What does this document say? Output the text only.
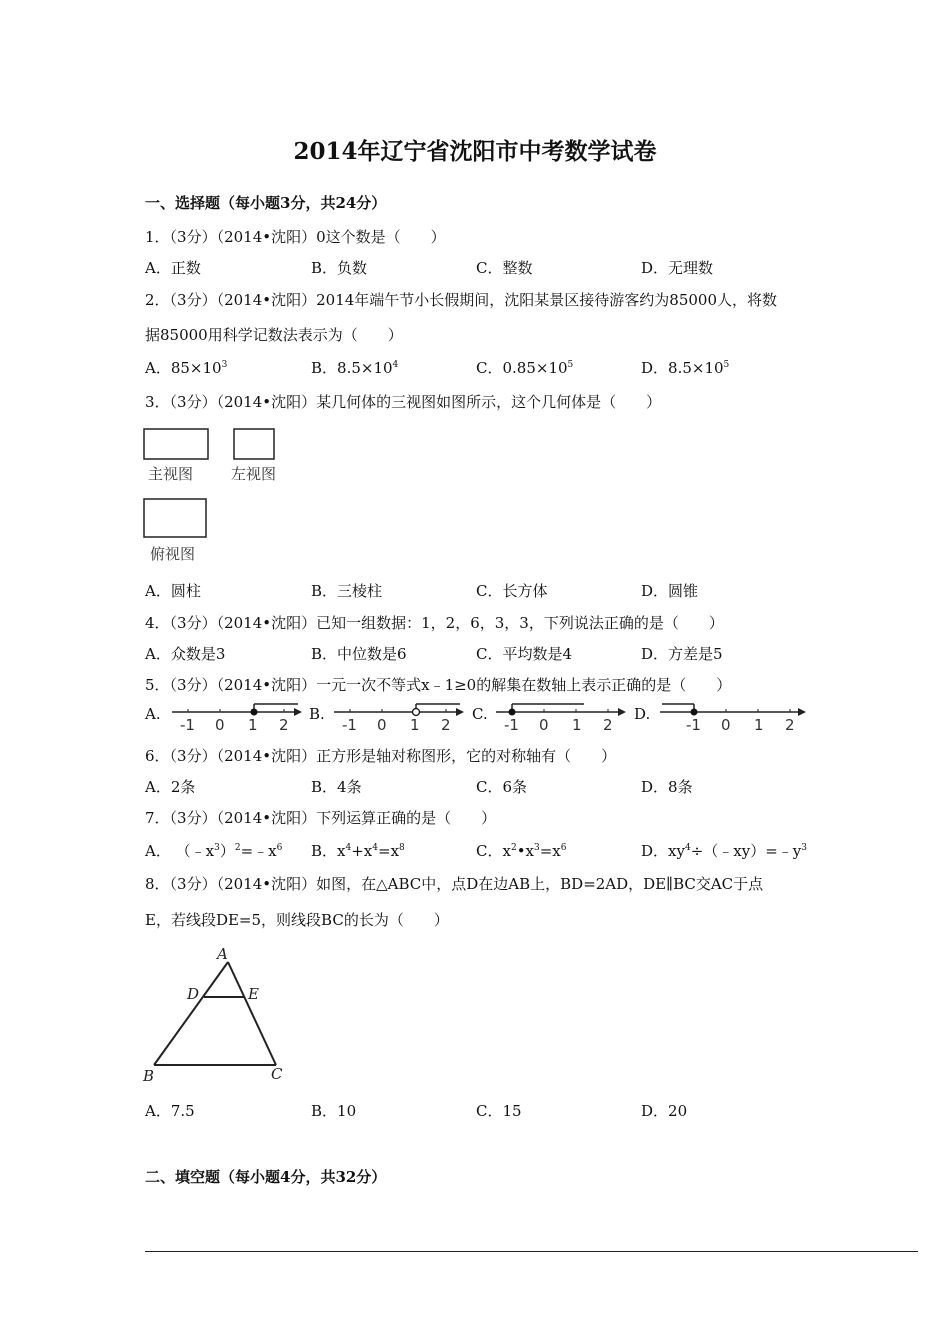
2014年辽宁省沈阳市中考数学试卷
一、选择题（每小题3分，共24分）
1．（3分）（2014•沈阳）0这个数是（　　）
A．正数	B．负数	C．整数	D．无理数
2．（3分）（2014•沈阳）2014年端午节小长假期间，沈阳某景区接待游客约为85000人，将数
据85000用科学记数法表示为（　　）
A．$85\times 10^3$	B．$8.5\times 10^4$	C．$0.85\times 10^5$	D．$8.5\times 10^5$
3．（3分）（2014•沈阳）某几何体的三视图如图所示，这个几何体是（　　）
主视图	左视图
俯视图
A．圆柱	B．三棱柱	C．长方体	D．圆锥
4．（3分）（2014•沈阳）已知一组数据：1，2，6，3，3，下列说法正确的是（　　）
A．众数是3	B．中位数是6	C．平均数是4	D．方差是5
5．（3分）（2014•沈阳）一元一次不等式x﹣1≥0的解集在数轴上表示正确的是（　　）
A.	B.	C.	D.
-1 0 1 2	-1 0 1 2	-1 0 1 2	-1 0 1 2
6．（3分）（2014•沈阳）正方形是轴对称图形，它的对称轴有（　　）
A．2条	B．4条	C．6条	D．8条
7．（3分）（2014•沈阳）下列运算正确的是（　　）
A． $(﹣x^3)^2=﹣x^6$ B．$x^4+x^4=x^8$	C．$x^2•x^3=x^6$	D．$xy^4\div(﹣xy)=﹣y^3$
8．（3分）（2014•沈阳）如图，在△ABC中，点D在边AB上，BD=2AD，DE∥BC交AC于点
E，若线段DE=5，则线段BC的长为（　　）
A
D	E
B	C
A．7.5	B．10	C．15	D．20
二、填空题（每小题4分，共32分）
